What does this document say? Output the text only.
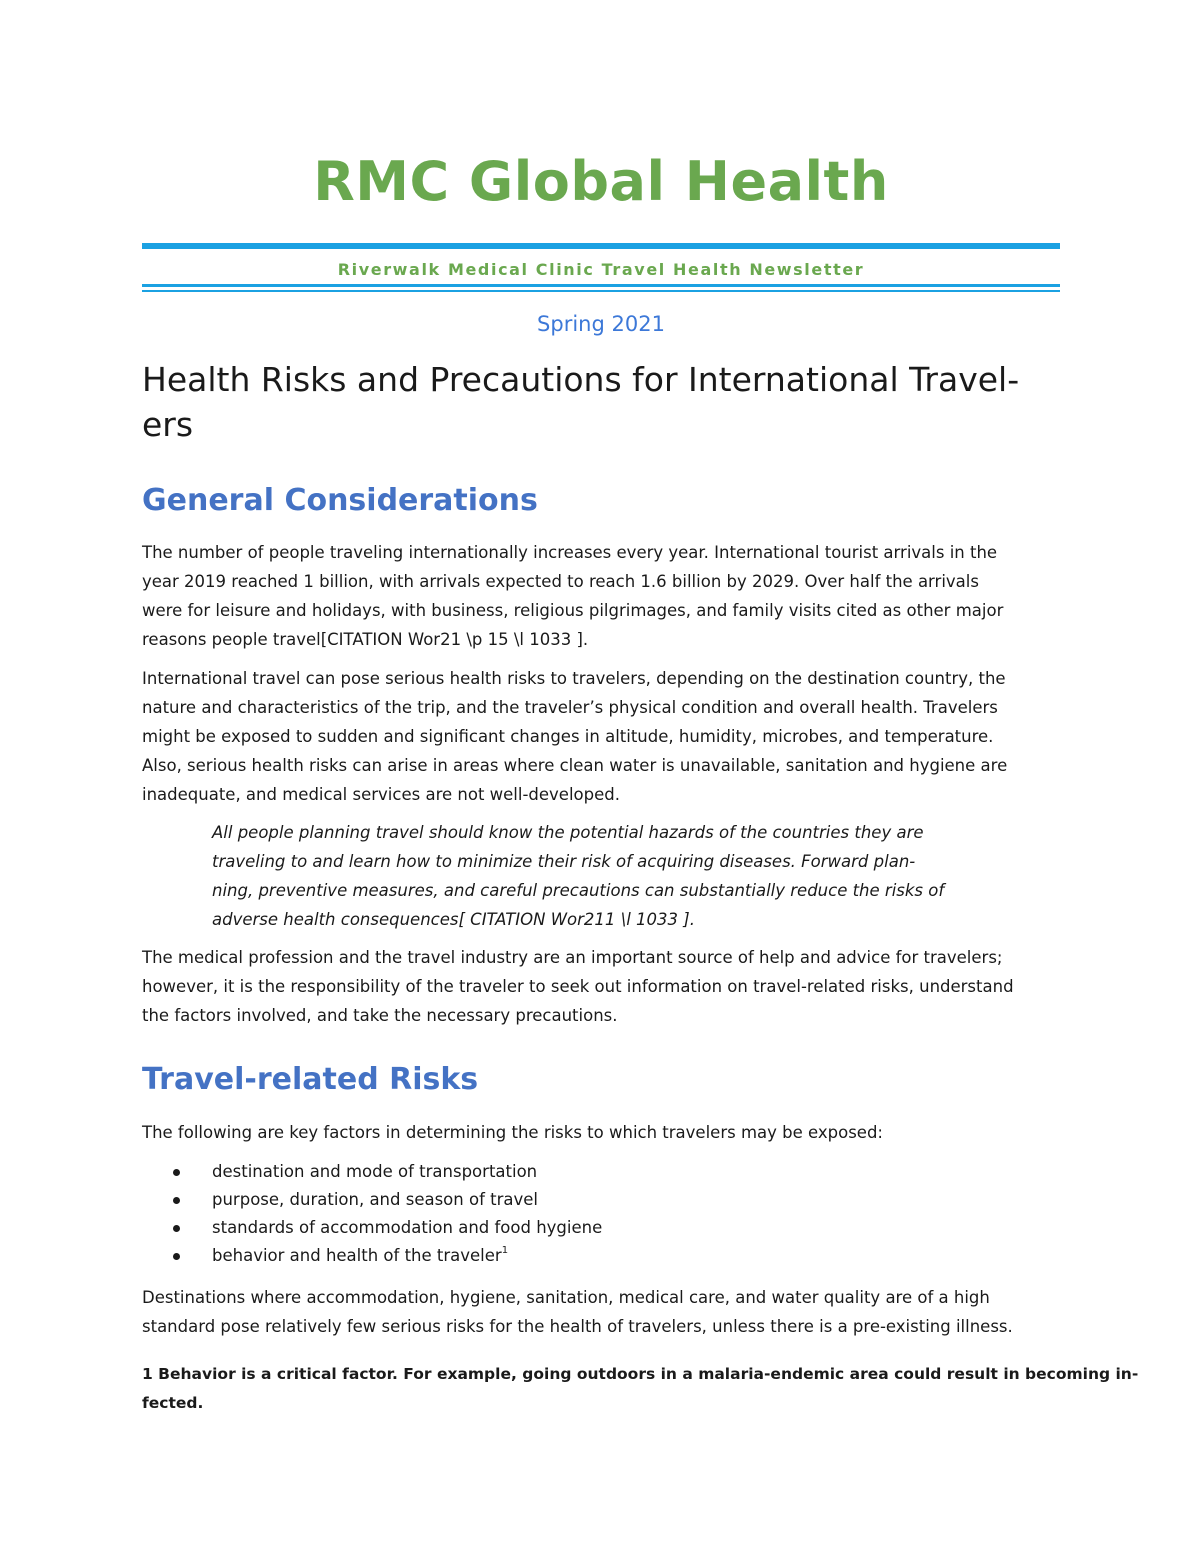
RMC Global Health

Riverwalk Medical Clinic Travel Health Newsletter

Spring 2021

Health Risks and Precautions for International Travel-
ers
General Considerations
The number of people traveling internationally increases every year. International tourist arrivals in the
year 2019 reached 1 billion, with arrivals expected to reach 1.6 billion by 2029. Over half the arrivals
were for leisure and holidays, with business, religious pilgrimages, and family visits cited as other major
reasons people travel[CITATION Wor21 \p 15 \l 1033 ].
International travel can pose serious health risks to travelers, depending on the destination country, the
nature and characteristics of the trip, and the traveler’s physical condition and overall health. Travelers
might be exposed to sudden and significant changes in altitude, humidity, microbes, and temperature.
Also, serious health risks can arise in areas where clean water is unavailable, sanitation and hygiene are
inadequate, and medical services are not well-developed.
All people planning travel should know the potential hazards of the countries they are
traveling to and learn how to minimize their risk of acquiring diseases. Forward plan-
ning, preventive measures, and careful precautions can substantially reduce the risks of
adverse health consequences[ CITATION Wor211 \l 1033 ].
The medical profession and the travel industry are an important source of help and advice for travelers;
however, it is the responsibility of the traveler to seek out information on travel-related risks, understand
the factors involved, and take the necessary precautions.
Travel-related Risks
The following are key factors in determining the risks to which travelers may be exposed:
destination and mode of transportation
purpose, duration, and season of travel
standards of accommodation and food hygiene
behavior and health of the traveler$^1$
Destinations where accommodation, hygiene, sanitation, medical care, and water quality are of a high
standard pose relatively few serious risks for the health of travelers, unless there is a pre-existing illness.
1 Behavior is a critical factor. For example, going outdoors in a malaria-endemic area could result in becoming in-
fected.
